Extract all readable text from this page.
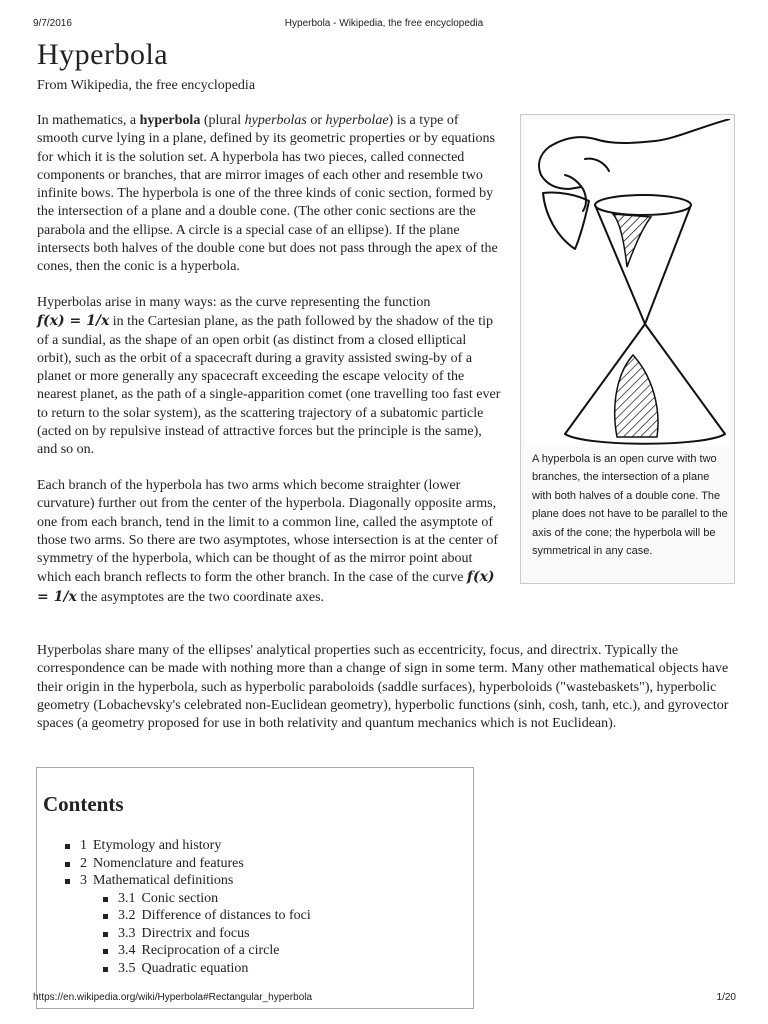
9/7/2016	Hyperbola - Wikipedia, the free encyclopedia
Hyperbola
From Wikipedia, the free encyclopedia

In mathematics, a hyperbola (plural hyperbolas or hyperbolae) is a type of smooth curve lying in a plane, defined by its geometric properties or by equations for which it is the solution set. A hyperbola has two pieces, called connected components or branches, that are mirror images of each other and resemble two infinite bows. The hyperbola is one of the three kinds of conic section, formed by the intersection of a plane and a double cone. (The other conic sections are the parabola and the ellipse. A circle is a special case of an ellipse). If the plane intersects both halves of the double cone but does not pass through the apex of the cones, then the conic is a hyperbola.

Hyperbolas arise in many ways: as the curve representing the function
f(x) = 1/x in the Cartesian plane, as the path followed by the shadow of the tip of a sundial, as the shape of an open orbit (as distinct from a closed elliptical orbit), such as the orbit of a spacecraft during a gravity assisted swing-by of a planet or more generally any spacecraft exceeding the escape velocity of the nearest planet, as the path of a single-apparition comet (one travelling too fast ever to return to the solar system), as the scattering trajectory of a subatomic particle (acted on by repulsive instead of attractive forces but the principle is the same), and so on.

Each branch of the hyperbola has two arms which become straighter (lower curvature) further out from the center of the hyperbola. Diagonally opposite arms, one from each branch, tend in the limit to a common line, called the asymptote of those two arms. So there are two asymptotes, whose intersection is at the center of symmetry of the hyperbola, which can be thought of as the mirror point about which each branch reflects to form the other branch. In the case of the curve f(x) = 1/x the asymptotes are the two coordinate axes.

Hyperbolas share many of the ellipses' analytical properties such as eccentricity, focus, and directrix. Typically the correspondence can be made with nothing more than a change of sign in some term. Many other mathematical objects have their origin in the hyperbola, such as hyperbolic paraboloids (saddle surfaces), hyperboloids ("wastebaskets"), hyperbolic geometry (Lobachevsky's celebrated non-Euclidean geometry), hyperbolic functions (sinh, cosh, tanh, etc.), and gyrovector spaces (a geometry proposed for use in both relativity and quantum mechanics which is not Euclidean).

A hyperbola is an open curve with two branches, the intersection of a plane with both halves of a double cone. The plane does not have to be parallel to the axis of the cone; the hyperbola will be symmetrical in any case.
Contents
1 Etymology and history
2 Nomenclature and features
3 Mathematical definitions
3.1 Conic section
3.2 Difference of distances to foci
3.3 Directrix and focus
3.4 Reciprocation of a circle
3.5 Quadratic equation
https://en.wikipedia.org/wiki/Hyperbola#Rectangular_hyperbola	1/20
